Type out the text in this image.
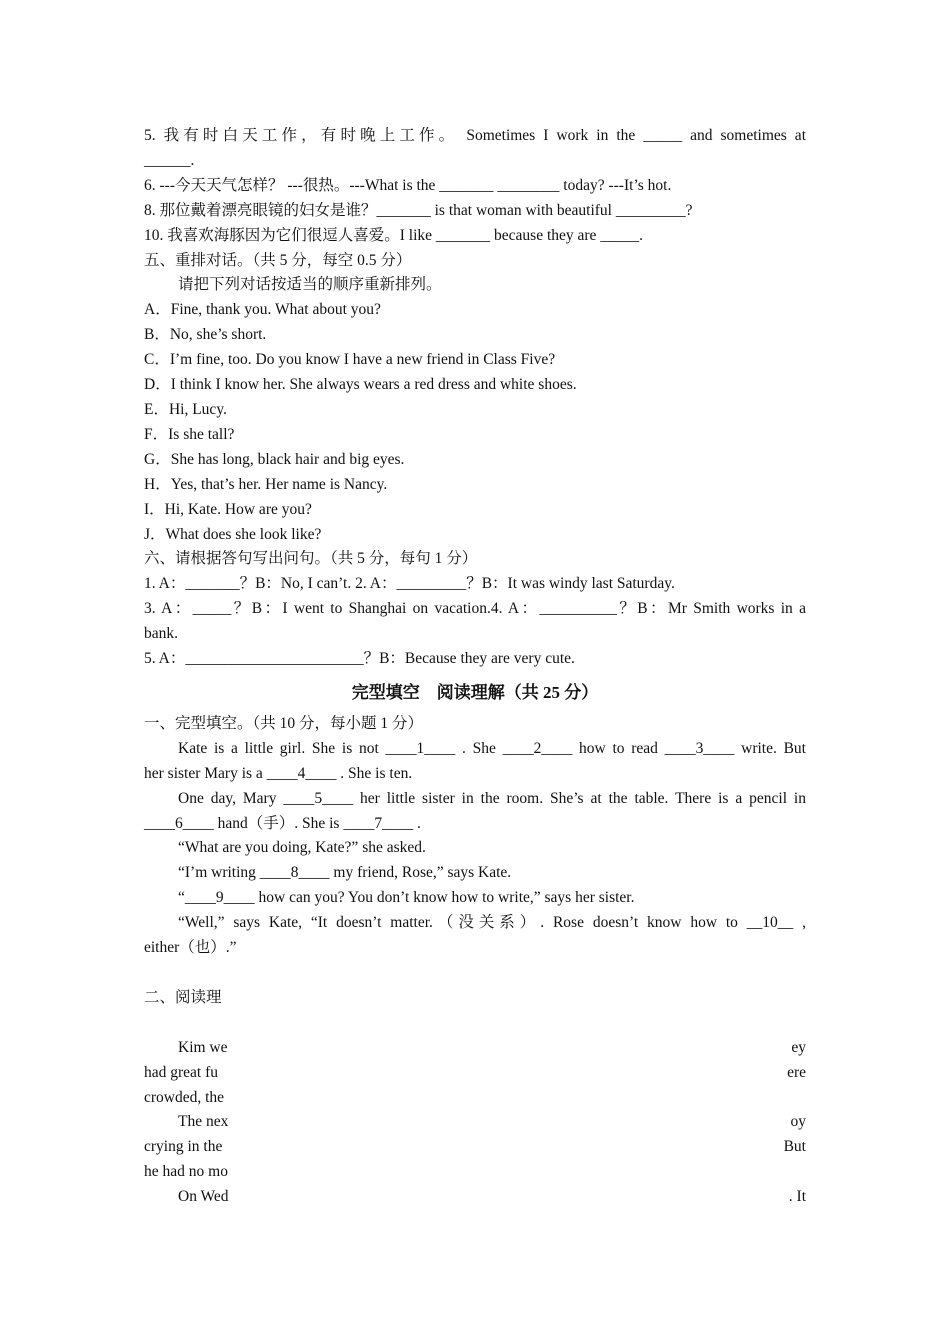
5. 我有时白天工作，有时晚上工作。 Sometimes I work in the _____ and sometimes at

______.

6. ---今天天气怎样？ ---很热。---What is the _______ ________ today? ---It’s hot.

8. 那位戴着漂亮眼镜的妇女是谁？_______ is that woman with beautiful _________?

10. 我喜欢海豚因为它们很逗人喜爱。I like _______ because they are _____.

五、重排对话。（共 5 分，每空 0.5 分）

请把下列对话按适当的顺序重新排列。

A．Fine, thank you. What about you?

B．No, she’s short.

C．I’m fine, too. Do you know I have a new friend in Class Five?

D．I think I know her. She always wears a red dress and white shoes.

E．Hi, Lucy.

F．Is she tall?

G．She has long, black hair and big eyes.

H．Yes, that’s her. Her name is Nancy.

I．Hi, Kate. How are you?

J．What does she look like?

六、请根据答句写出问句。（共 5 分，每句 1 分）

1. A：_______？B：No, I can’t. 2. A：_________？B：It was windy last Saturday.

3. A：_____？B：I went to Shanghai on vacation.4. A：__________？B：Mr Smith works in a

bank.

5. A：_______________________？B：Because they are very cute.

完型填空　阅读理解（共 25 分）

一、完型填空。（共 10 分，每小题 1 分）

Kate is a little girl. She is not ____1____ . She ____2____ how to read ____3____ write. But

her sister Mary is a ____4____ . She is ten.

One day, Mary ____5____ her little sister in the room. She’s at the table. There is a pencil in

____6____ hand（手）. She is ____7____ .

“What are you doing, Kate?” she asked.

“I’m writing ____8____ my friend, Rose,” says Kate.

“____9____ how can you? You don’t know how to write,” says her sister.

“Well,” says Kate, “It doesn’t matter.（没关系）. Rose doesn’t know how to __10__ ,

either（也）.”

二、阅读理

Kim we	ey
had great fu	ere
crowded, the
The nex	oy
crying in the	But
he had no mo
On Wed	. It
